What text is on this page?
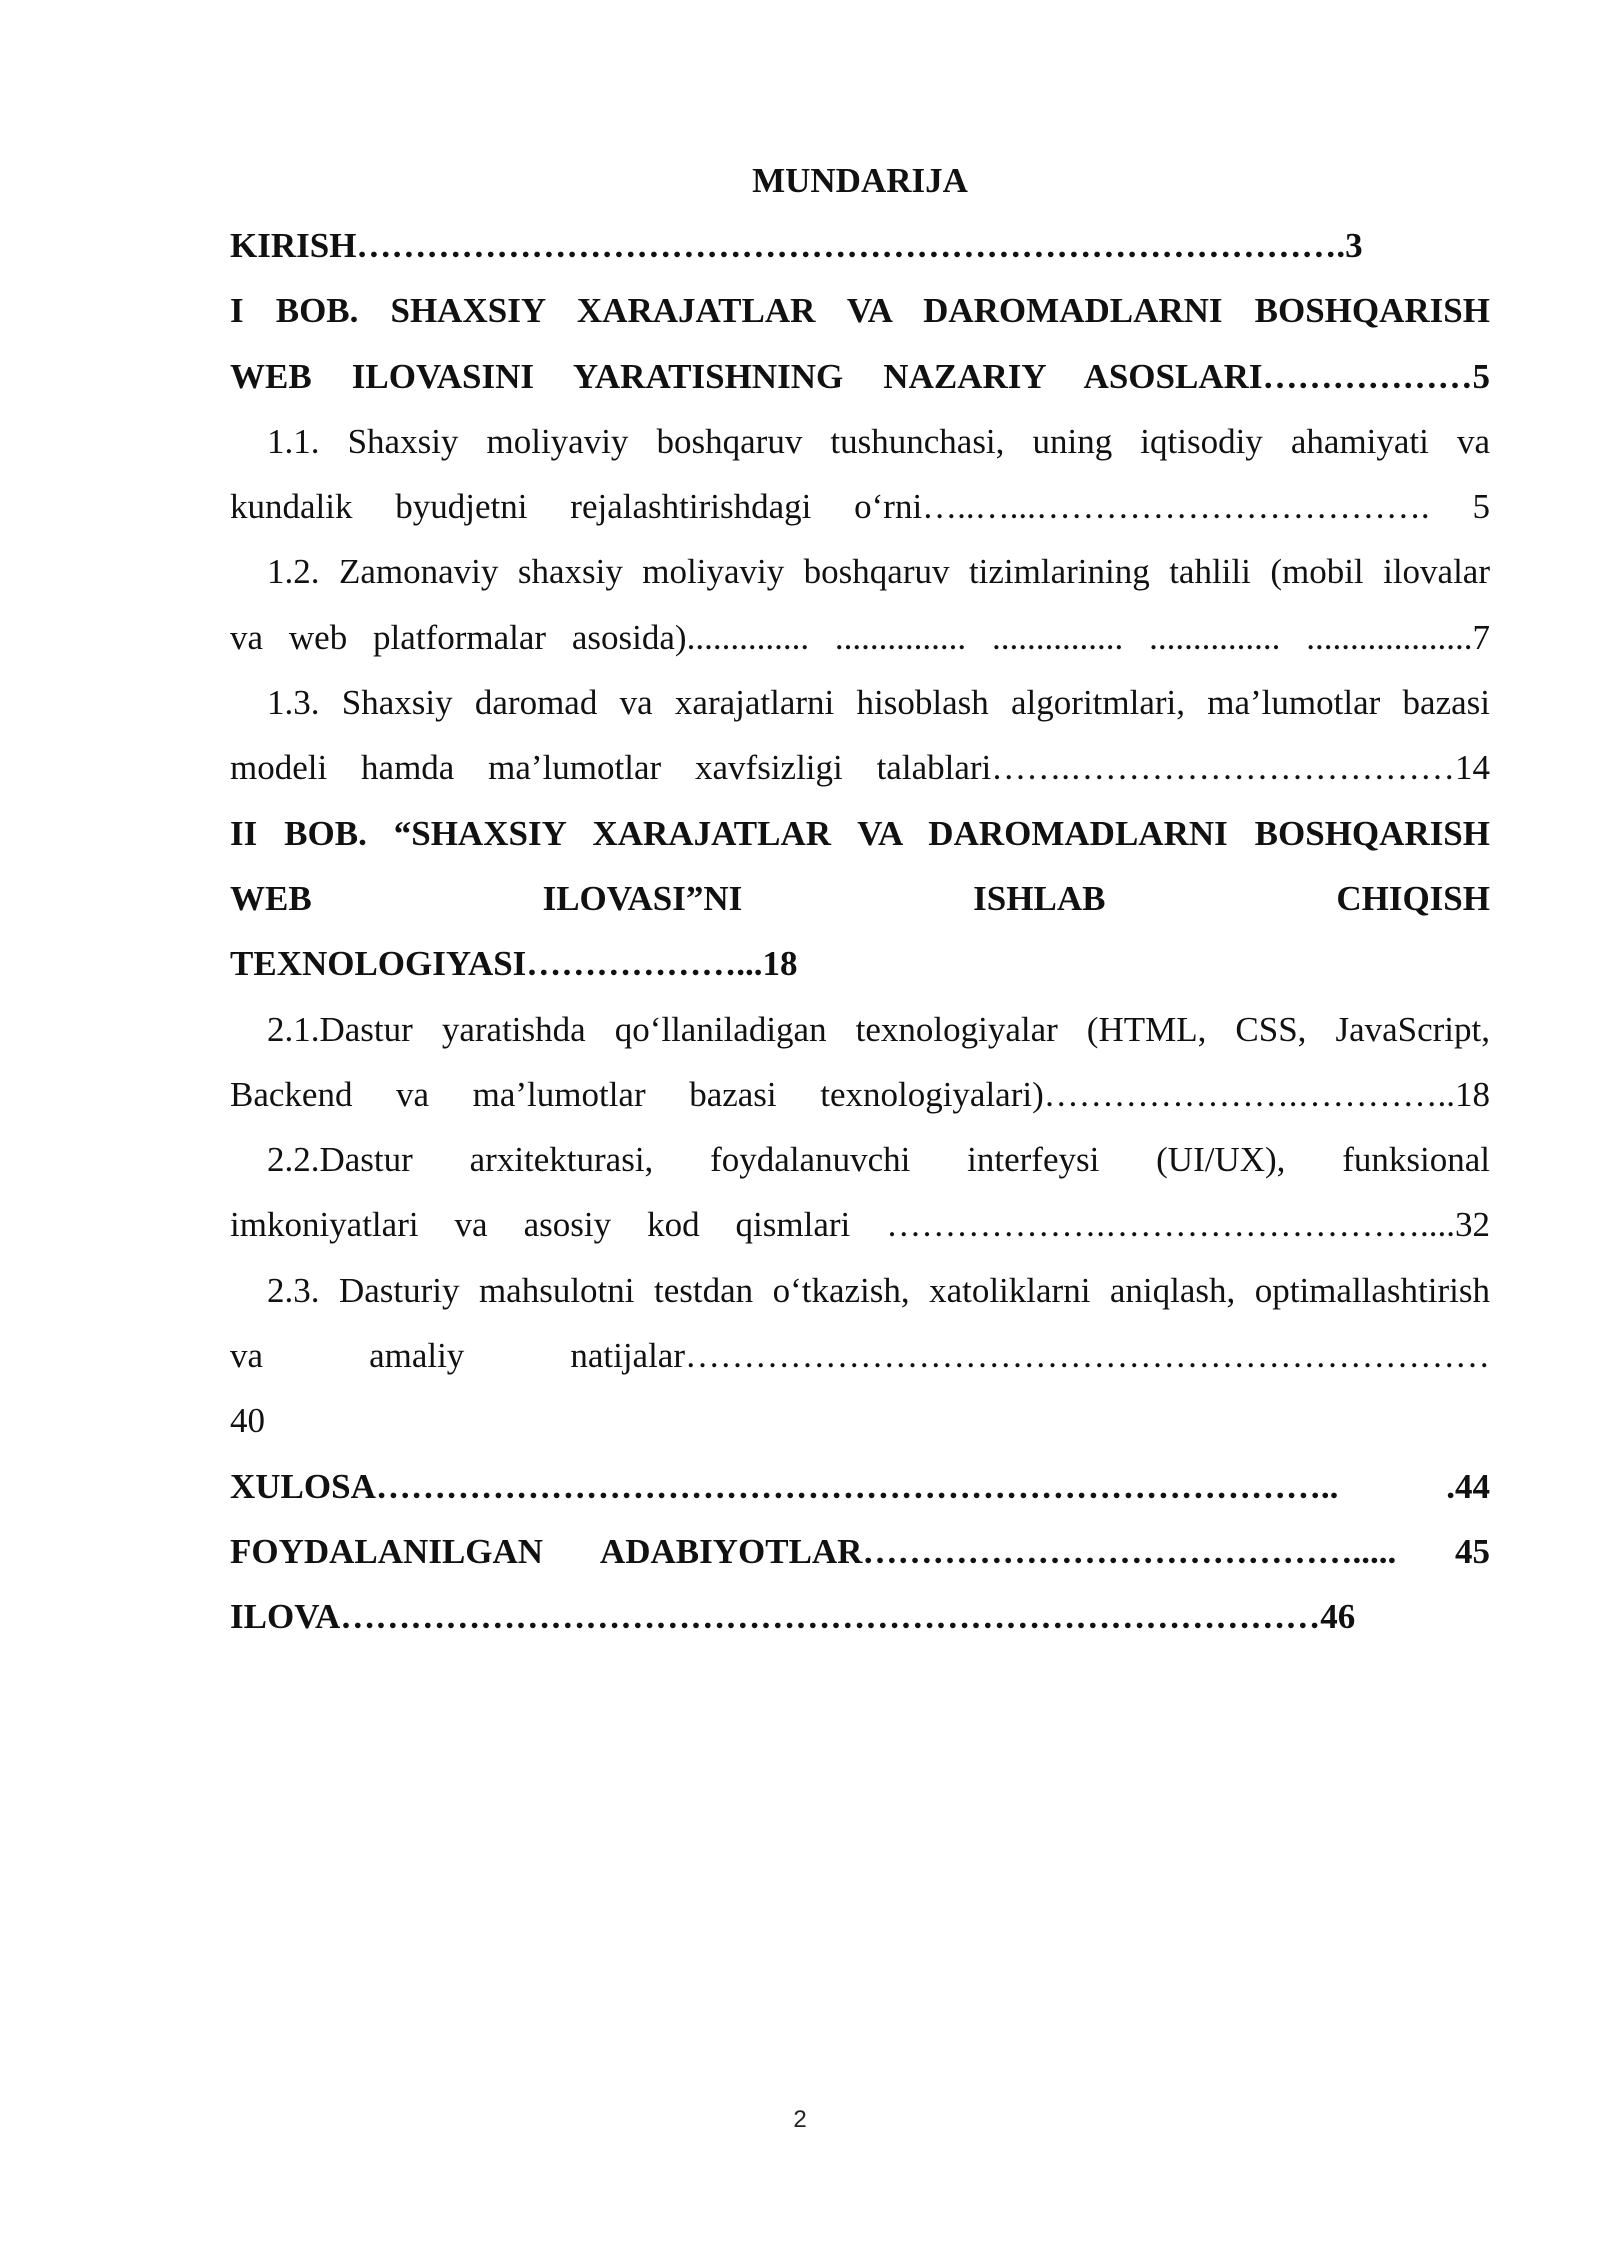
MUNDARIJA
KIRISH………………………………………………………………………….3
I BOB. SHAXSIY XARAJATLAR VA DAROMADLARNI BOSHQARISH
WEB ILOVASINI YARATISHNING NAZARIY ASOSLARI………………5
1.1. Shaxsiy moliyaviy boshqaruv tushunchasi, uning iqtisodiy ahamiyati va
kundalik byudjetni rejalashtirishdagi o‘rni…..…...……………………………. 5
1.2. Zamonaviy shaxsiy moliyaviy boshqaruv tizimlarining tahlili (mobil ilovalar
va web platformalar asosida).............. ............... ............... ............... ...................7
1.3. Shaxsiy daromad va xarajatlarni hisoblash algoritmlari, ma’lumotlar bazasi
modeli hamda ma’lumotlar xavfsizligi talablari…….……………………………14
II BOB. “SHAXSIY XARAJATLAR VA DAROMADLARNI BOSHQARISH
WEB ILOVASI”NI ISHLAB CHIQISH
TEXNOLOGIYASI………………...18
2.1.Dastur yaratishda qo‘llaniladigan texnologiyalar (HTML, CSS, JavaScript,
Backend va ma’lumotlar bazasi texnologiyalari)………………….…………..18
2.2.Dastur arxitekturasi, foydalanuvchi interfeysi (UI/UX), funksional
imkoniyatlari va asosiy kod qismlari ……………….………………………....32
2.3. Dasturiy mahsulotni testdan o‘tkazish, xatoliklarni aniqlash, optimallashtirish
va amaliy natijalar……………………………………………………………
40
XULOSA……………………………………………………………………….. .44
FOYDALANILGAN ADABIYOTLAR……………………………………..... 45
ILOVA…………………………………………………………………………46
2
